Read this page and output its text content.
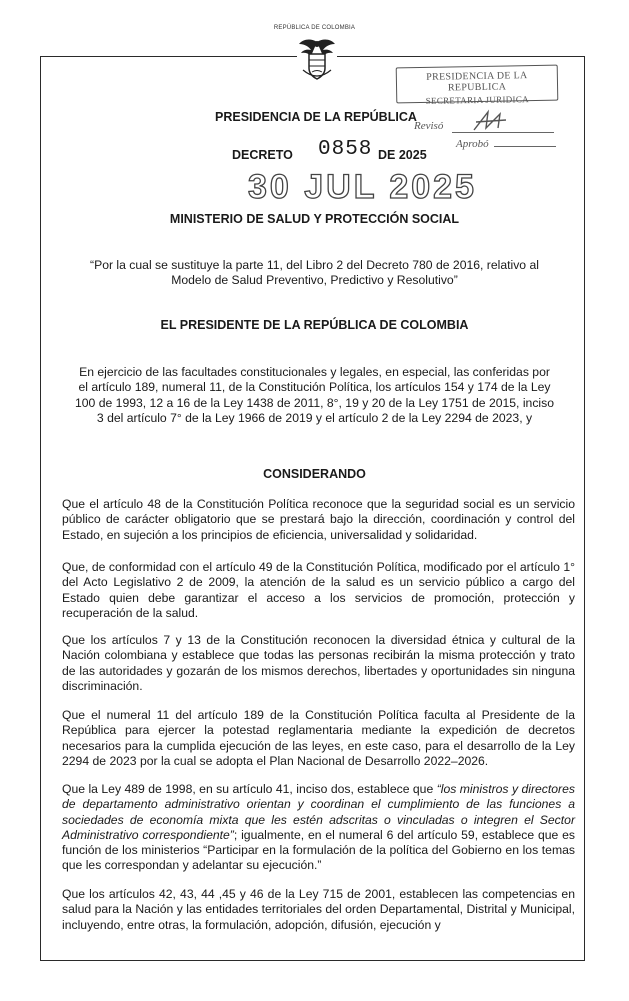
REPÚBLICA DE COLOMBIA
PRESIDENCIA DE LA REPUBLICA
SECRETARIA JURIDICA
Revisó
Aprobó
PRESIDENCIA DE LA REPÚBLICA
DECRETO 0858 DE 2025
30 JUL 2025
MINISTERIO DE SALUD Y PROTECCIÓN SOCIAL
“Por la cual se sustituye la parte 11, del Libro 2 del Decreto 780 de 2016, relativo al
Modelo de Salud Preventivo, Predictivo y Resolutivo”
EL PRESIDENTE DE LA REPÚBLICA DE COLOMBIA
En ejercicio de las facultades constitucionales y legales, en especial, las conferidas por
el artículo 189, numeral 11, de la Constitución Política, los artículos 154 y 174 de la Ley
100 de 1993, 12 a 16 de la Ley 1438 de 2011, 8°, 19 y 20 de la Ley 1751 de 2015, inciso
3 del artículo 7° de la Ley 1966 de 2019 y el artículo 2 de la Ley 2294 de 2023, y
CONSIDERANDO
Que el artículo 48 de la Constitución Política reconoce que la seguridad social es un servicio público de carácter obligatorio que se prestará bajo la dirección, coordinación y control del Estado, en sujeción a los principios de eficiencia, universalidad y solidaridad.
Que, de conformidad con el artículo 49 de la Constitución Política, modificado por el artículo 1° del Acto Legislativo 2 de 2009, la atención de la salud es un servicio público a cargo del Estado quien debe garantizar el acceso a los servicios de promoción, protección y recuperación de la salud.
Que los artículos 7 y 13 de la Constitución reconocen la diversidad étnica y cultural de la Nación colombiana y establece que todas las personas recibirán la misma protección y trato de las autoridades y gozarán de los mismos derechos, libertades y oportunidades sin ninguna discriminación.
Que el numeral 11 del artículo 189 de la Constitución Política faculta al Presidente de la República para ejercer la potestad reglamentaria mediante la expedición de decretos necesarios para la cumplida ejecución de las leyes, en este caso, para el desarrollo de la Ley 2294 de 2023 por la cual se adopta el Plan Nacional de Desarrollo 2022–2026.
Que la Ley 489 de 1998, en su artículo 41, inciso dos, establece que “los ministros y directores de departamento administrativo orientan y coordinan el cumplimiento de las funciones a sociedades de economía mixta que les estén adscritas o vinculadas o integren el Sector Administrativo correspondiente”; igualmente, en el numeral 6 del artículo 59, establece que es función de los ministerios “Participar en la formulación de la política del Gobierno en los temas que les correspondan y adelantar su ejecución.”
Que los artículos 42, 43, 44 ,45 y 46 de la Ley 715 de 2001, establecen las competencias en salud para la Nación y las entidades territoriales del orden Departamental, Distrital y Municipal, incluyendo, entre otras, la formulación, adopción, difusión, ejecución y
